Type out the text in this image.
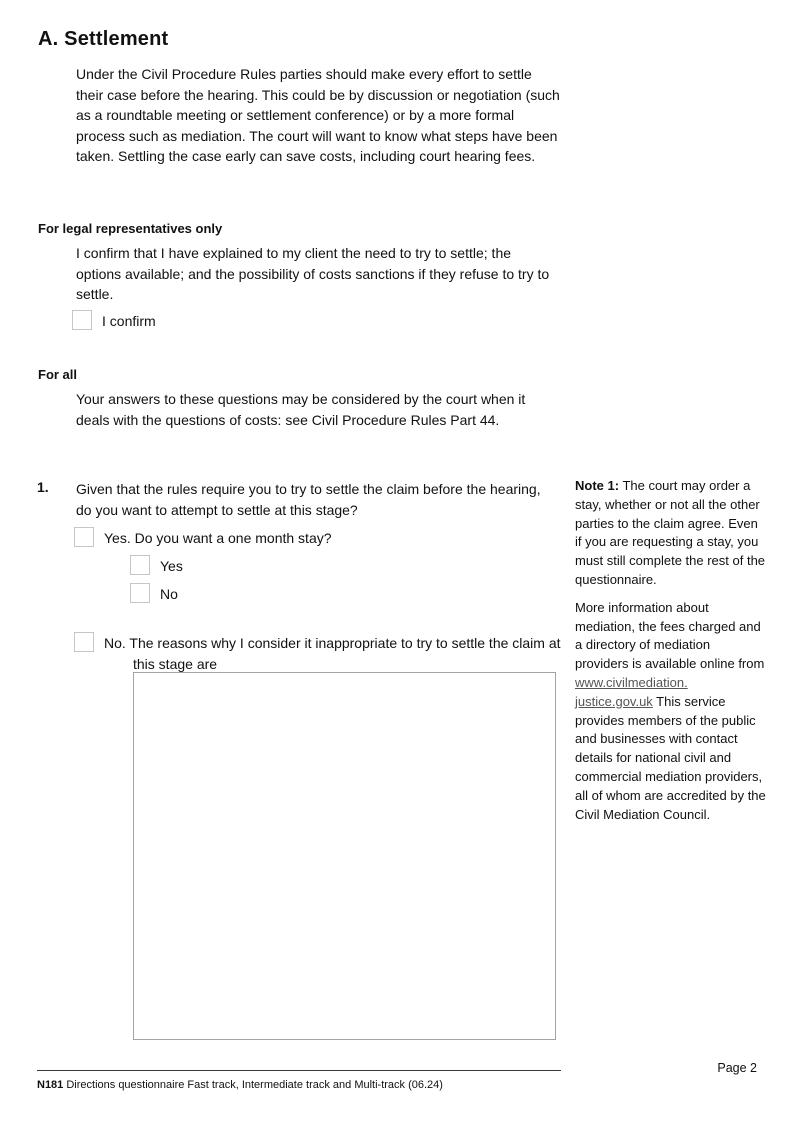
A. Settlement
Under the Civil Procedure Rules parties should make every effort to settle their case before the hearing. This could be by discussion or negotiation (such as a roundtable meeting or settlement conference) or by a more formal process such as mediation. The court will want to know what steps have been taken. Settling the case early can save costs, including court hearing fees.
For legal representatives only
I confirm that I have explained to my client the need to try to settle; the options available; and the possibility of costs sanctions if they refuse to try to settle.
I confirm
For all
Your answers to these questions may be considered by the court when it deals with the questions of costs: see Civil Procedure Rules Part 44.
1. Given that the rules require you to try to settle the claim before the hearing, do you want to attempt to settle at this stage?
Yes. Do you want a one month stay?
Yes
No
No. The reasons why I consider it inappropriate to try to settle the claim at this stage are

Note 1: The court may order a stay, whether or not all the other parties to the claim agree. Even if you are requesting a stay, you must still complete the rest of the questionnaire.

More information about mediation, the fees charged and a directory of mediation providers is available online from www.civilmediation.
justice.gov.uk This service provides members of the public and businesses with contact details for national civil and commercial mediation providers, all of whom are accredited by the Civil Mediation Council.

Page 2
N181 Directions questionnaire Fast track, Intermediate track and Multi-track (06.24)
